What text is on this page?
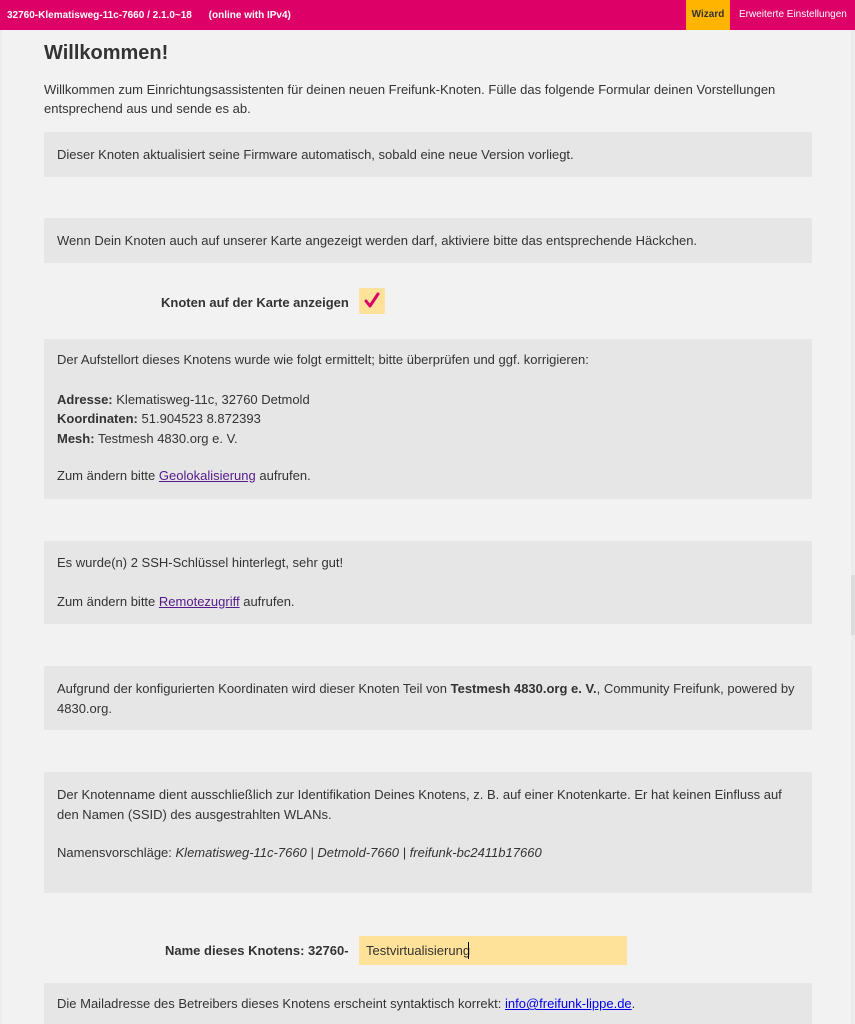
32760-Klematisweg-11c-7660 / 2.1.0~18 (online with IPv4)	Wizard	Erweiterte Einstellungen
Willkommen!
Willkommen zum Einrichtungsassistenten für deinen neuen Freifunk-Knoten. Fülle das folgende Formular deinen Vorstellungen entsprechend aus und sende es ab.

Dieser Knoten aktualisiert seine Firmware automatisch, sobald eine neue Version vorliegt.

Wenn Dein Knoten auch auf unserer Karte angezeigt werden darf, aktiviere bitte das entsprechende Häckchen.

Knoten auf der Karte anzeigen

Der Aufstellort dieses Knotens wurde wie folgt ermittelt; bitte überprüfen und ggf. korrigieren:

Adresse: Klematisweg-11c, 32760 Detmold

Koordinaten: 51.904523 8.872393

Mesh: Testmesh 4830.org e. V.

Zum ändern bitte Geolokalisierung aufrufen.

Es wurde(n) 2 SSH-Schlüssel hinterlegt, sehr gut!

Zum ändern bitte Remotezugriff aufrufen.

Aufgrund der konfigurierten Koordinaten wird dieser Knoten Teil von Testmesh 4830.org e. V., Community Freifunk, powered by 4830.org.

Der Knotenname dient ausschließlich zur Identifikation Deines Knotens, z. B. auf einer Knotenkarte. Er hat keinen Einfluss auf den Namen (SSID) des ausgestrahlten WLANs.

Namensvorschläge: Klematisweg-11c-7660 | Detmold-7660 | freifunk-bc2411b17660

Name dieses Knotens: 32760-
Testvirtualisierung

Die Mailadresse des Betreibers dieses Knotens erscheint syntaktisch korrekt: info@freifunk-lippe.de.
